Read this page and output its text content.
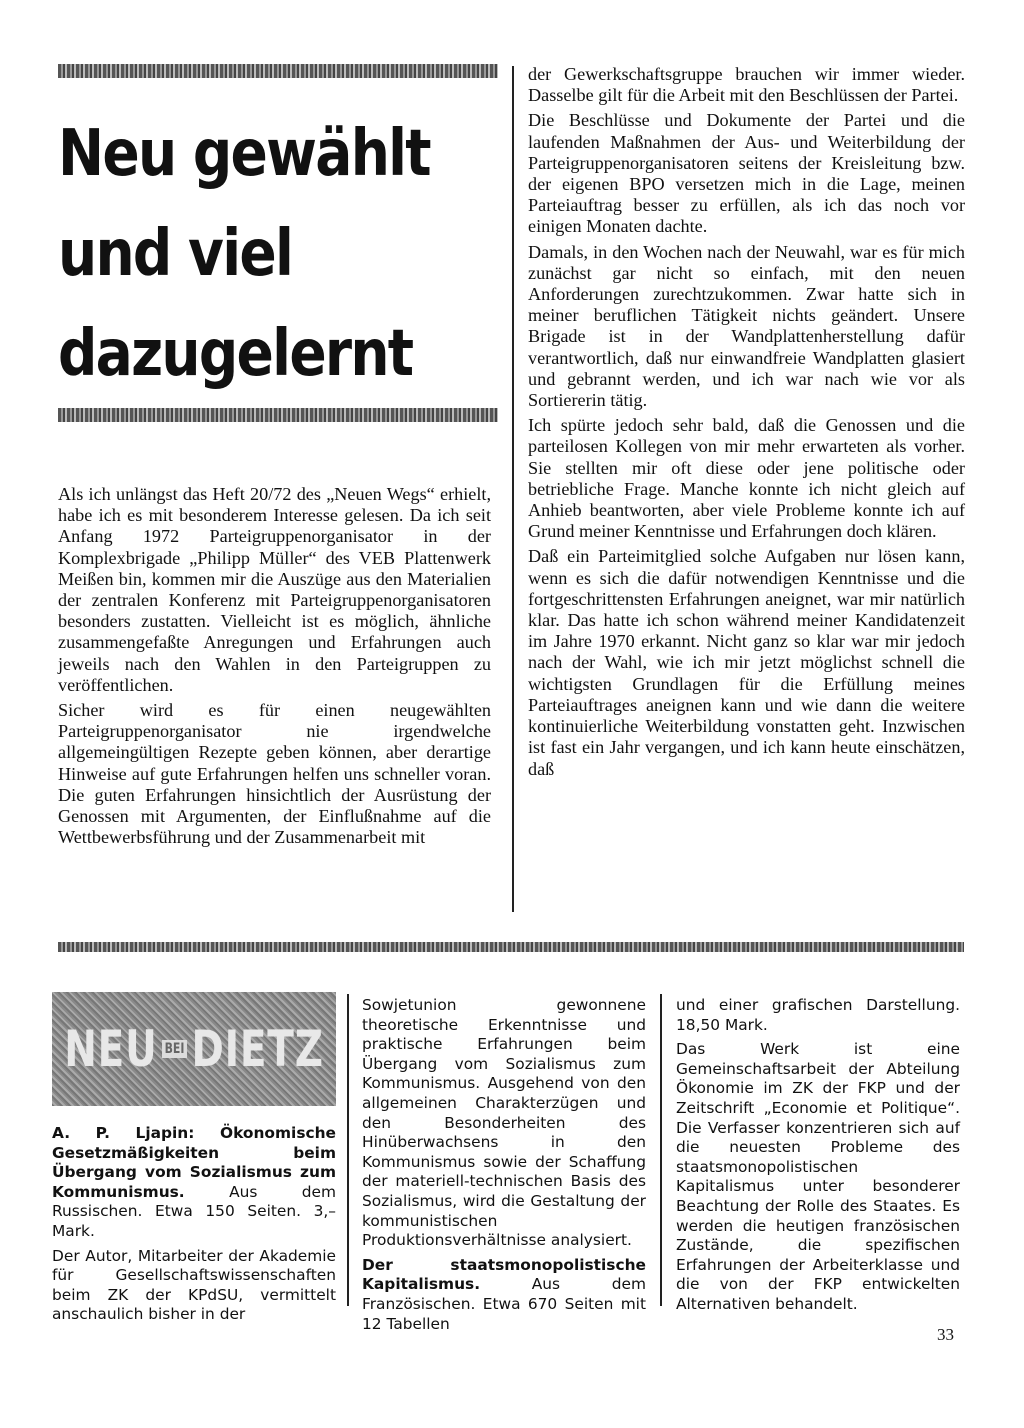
Neu gewählt
und viel
dazugelernt

Als ich unlängst das Heft 20/72 des „Neuen Wegs“ erhielt, habe ich es mit besonderem Interesse gelesen. Da ich seit Anfang 1972 Parteigruppenorganisator in der Komplexbrigade „Philipp Müller“ des VEB Plattenwerk Meißen bin, kommen mir die Auszüge aus den Materialien der zentralen Konferenz mit Parteigruppenorganisatoren besonders zustatten. Vielleicht ist es möglich, ähnliche zusammengefaßte Anregungen und Erfahrungen auch jeweils nach den Wahlen in den Parteigruppen zu veröffentlichen.

Sicher wird es für einen neugewählten Parteigruppenorganisator nie irgendwelche allgemeingültigen Rezepte geben können, aber derartige Hinweise auf gute Erfahrungen helfen uns schneller voran. Die guten Erfahrungen hinsichtlich der Ausrüstung der Genossen mit Argumenten, der Einflußnahme auf die Wettbewerbsführung und der Zusammenarbeit mit

der Gewerkschaftsgruppe brauchen wir immer wieder. Dasselbe gilt für die Arbeit mit den Beschlüssen der Partei.

Die Beschlüsse und Dokumente der Partei und die laufenden Maßnahmen der Aus- und Weiterbildung der Parteigruppenorganisatoren seitens der Kreisleitung bzw. der eigenen BPO versetzen mich in die Lage, meinen Parteiauftrag besser zu erfüllen, als ich das noch vor einigen Monaten dachte.

Damals, in den Wochen nach der Neuwahl, war es für mich zunächst gar nicht so einfach, mit den neuen Anforderungen zurechtzukommen. Zwar hatte sich in meiner beruflichen Tätigkeit nichts geändert. Unsere Brigade ist in der Wandplattenherstellung dafür verantwortlich, daß nur einwandfreie Wandplatten glasiert und gebrannt werden, und ich war nach wie vor als Sortiererin tätig.

Ich spürte jedoch sehr bald, daß die Genossen und die parteilosen Kollegen von mir mehr erwarteten als vorher. Sie stellten mir oft diese oder jene politische oder betriebliche Frage. Manche konnte ich nicht gleich auf Anhieb beantworten, aber viele Probleme konnte ich auf Grund meiner Kenntnisse und Erfahrungen doch klären.

Daß ein Parteimitglied solche Aufgaben nur lösen kann, wenn es sich die dafür notwendigen Kenntnisse und die fortgeschrittensten Erfahrungen aneignet, war mir natürlich klar. Das hatte ich schon während meiner Kandidatenzeit im Jahre 1970 erkannt. Nicht ganz so klar war mir jedoch nach der Wahl, wie ich mir jetzt möglichst schnell die wichtigsten Grundlagen für die Erfüllung meines Parteiauftrages aneignen kann und wie dann die weitere kontinuierliche Weiterbildung vonstatten geht. Inzwischen ist fast ein Jahr vergangen, und ich kann heute einschätzen, daß

NEU BEI DIETZ

A. P. Ljapin: Ökonomische Gesetzmäßigkeiten beim Übergang vom Sozialismus zum Kommunismus.	Aus dem Russischen. Etwa 150 Seiten. 3,– Mark.

Der Autor, Mitarbeiter der Akademie für Gesellschaftswissenschaften beim ZK der KPdSU, vermittelt anschaulich bisher in der

Sowjetunion gewonnene theoretische Erkenntnisse und praktische Erfahrungen beim Übergang vom Sozialismus zum Kommunismus. Ausgehend von den allgemeinen Charakterzügen und den Besonderheiten des Hinüberwachsens in den Kommunismus sowie der Schaffung der materiell-technischen Basis des Sozialismus, wird die Gestaltung der kommunistischen Produktionsverhältnisse analysiert.

Der staatsmonopolistische Kapitalismus.	Aus dem Französischen. Etwa 670 Seiten mit 12 Tabellen

und einer grafischen Darstellung. 18,50 Mark.

Das Werk ist eine Gemeinschaftsarbeit der Abteilung Ökonomie im ZK der FKP und der Zeitschrift „Economie et Politique“. Die Verfasser konzentrieren sich auf die neuesten Probleme des staatsmonopolistischen Kapitalismus unter besonderer Beachtung der Rolle des Staates. Es werden die heutigen französischen Zustände, die spezifischen Erfahrungen der Arbeiterklasse und die von der FKP entwickelten Alternativen behandelt.

33
